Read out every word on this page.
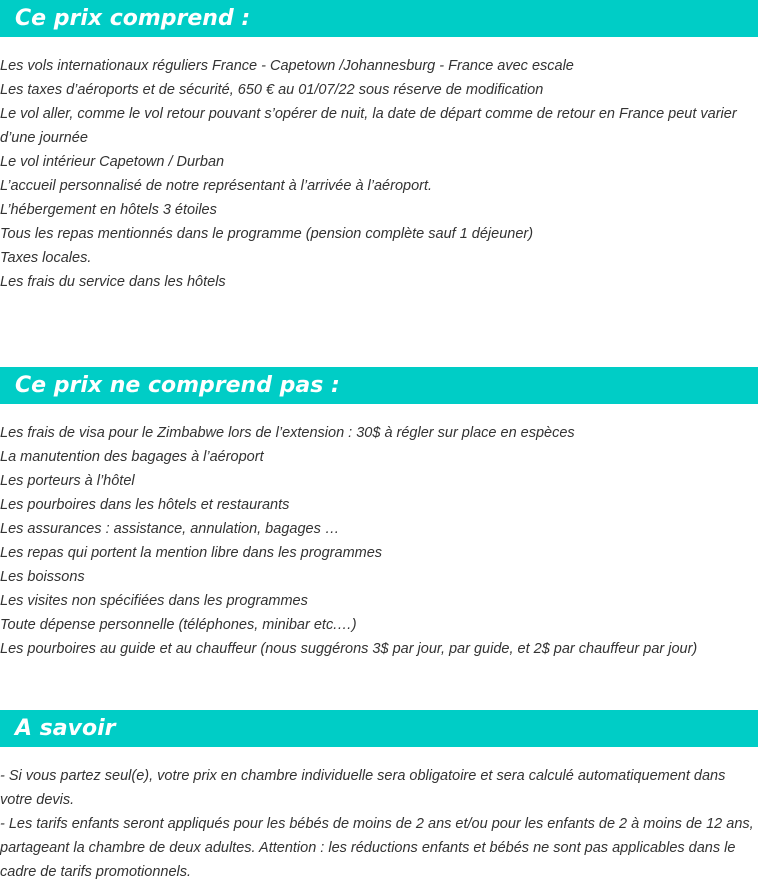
Ce prix comprend :
Les vols internationaux réguliers France - Capetown /Johannesburg - France avec escale
Les taxes d’aéroports et de sécurité, 650 € au 01/07/22 sous réserve de modification
Le vol aller, comme le vol retour pouvant s’opérer de nuit, la date de départ comme de retour en France peut varier d’une journée
Le vol intérieur Capetown / Durban
L’accueil personnalisé de notre représentant à l’arrivée à l’aéroport.
L’hébergement en hôtels 3 étoiles
Tous les repas mentionnés dans le programme (pension complète sauf 1 déjeuner)
Taxes locales.
Les frais du service dans les hôtels
Ce prix ne comprend pas :
Les frais de visa pour le Zimbabwe lors de l’extension : 30$ à régler sur place en espèces
La manutention des bagages à l’aéroport
Les porteurs à l’hôtel
Les pourboires dans les hôtels et restaurants
Les assurances : assistance, annulation, bagages …
Les repas qui portent la mention libre dans les programmes
Les boissons
Les visites non spécifiées dans les programmes
Toute dépense personnelle (téléphones, minibar etc.…)
Les pourboires au guide et au chauffeur (nous suggérons 3$ par jour, par guide, et 2$ par chauffeur par jour)
A savoir
- Si vous partez seul(e), votre prix en chambre individuelle sera obligatoire et sera calculé automatiquement dans votre devis.
- Les tarifs enfants seront appliqués pour les bébés de moins de 2 ans et/ou pour les enfants de 2 à moins de 12 ans, partageant la chambre de deux adultes. Attention : les réductions enfants et bébés ne sont pas applicables dans le cadre de tarifs promotionnels.
